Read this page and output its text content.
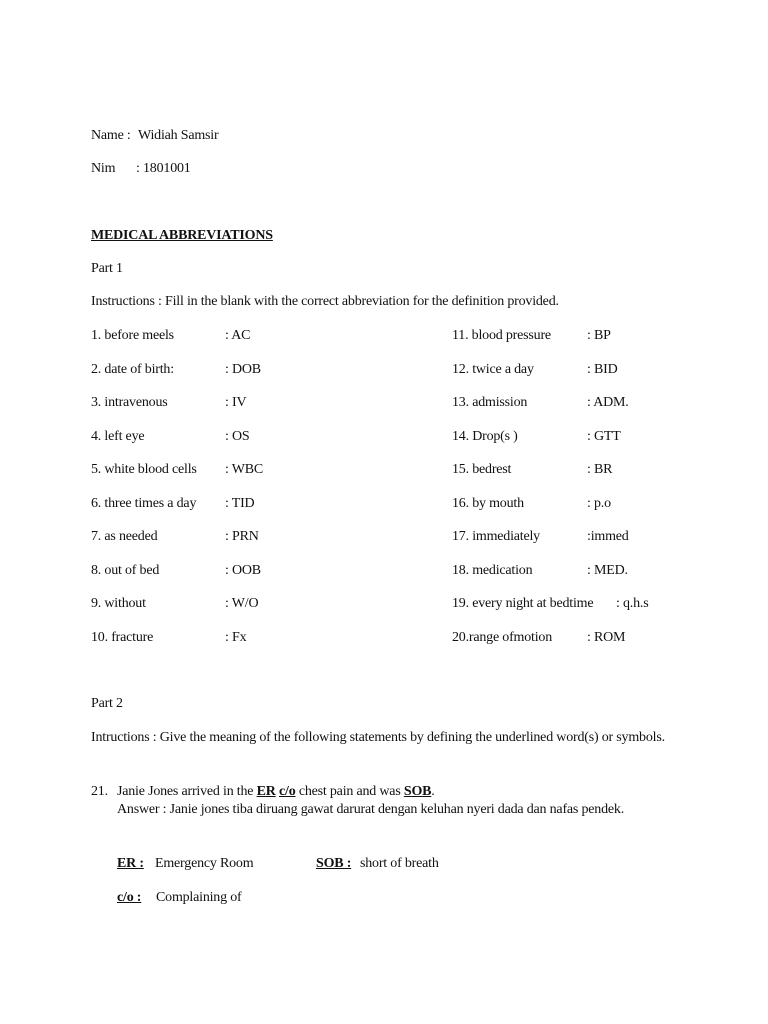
Name : Widiah Samsir
Nim : 1801001
MEDICAL ABBREVIATIONS
Part 1
Instructions : Fill in the blank with the correct abbreviation for the definition provided.
1. before meels	: AC
2. date of birth:	: DOB
3. intravenous	: IV
4. left eye	: OS
5. white blood cells : WBC
6. three times a day : TID
7. as needed	: PRN
8. out of bed	: OOB
9. without	: W/O
10. fracture	: Fx
11. blood pressure	: BP
12. twice a day	: BID
13. admission	: ADM.
14. Drop(s )	: GTT
15. bedrest	: BR
16. by mouth	: p.o
17. immediately	:immed
18. medication	: MED.
19. every night at bedtime : q.h.s
20.range ofmotion : ROM
Part 2
Intructions : Give the meaning of the following statements by defining the underlined word(s) or symbols.
21. Janie Jones arrived in the ER c/o chest pain and was SOB.
Answer : Janie jones tiba diruang gawat darurat dengan keluhan nyeri dada dan nafas pendek.
ER : Emergency Room	SOB : short of breath
c/o : Complaining of
